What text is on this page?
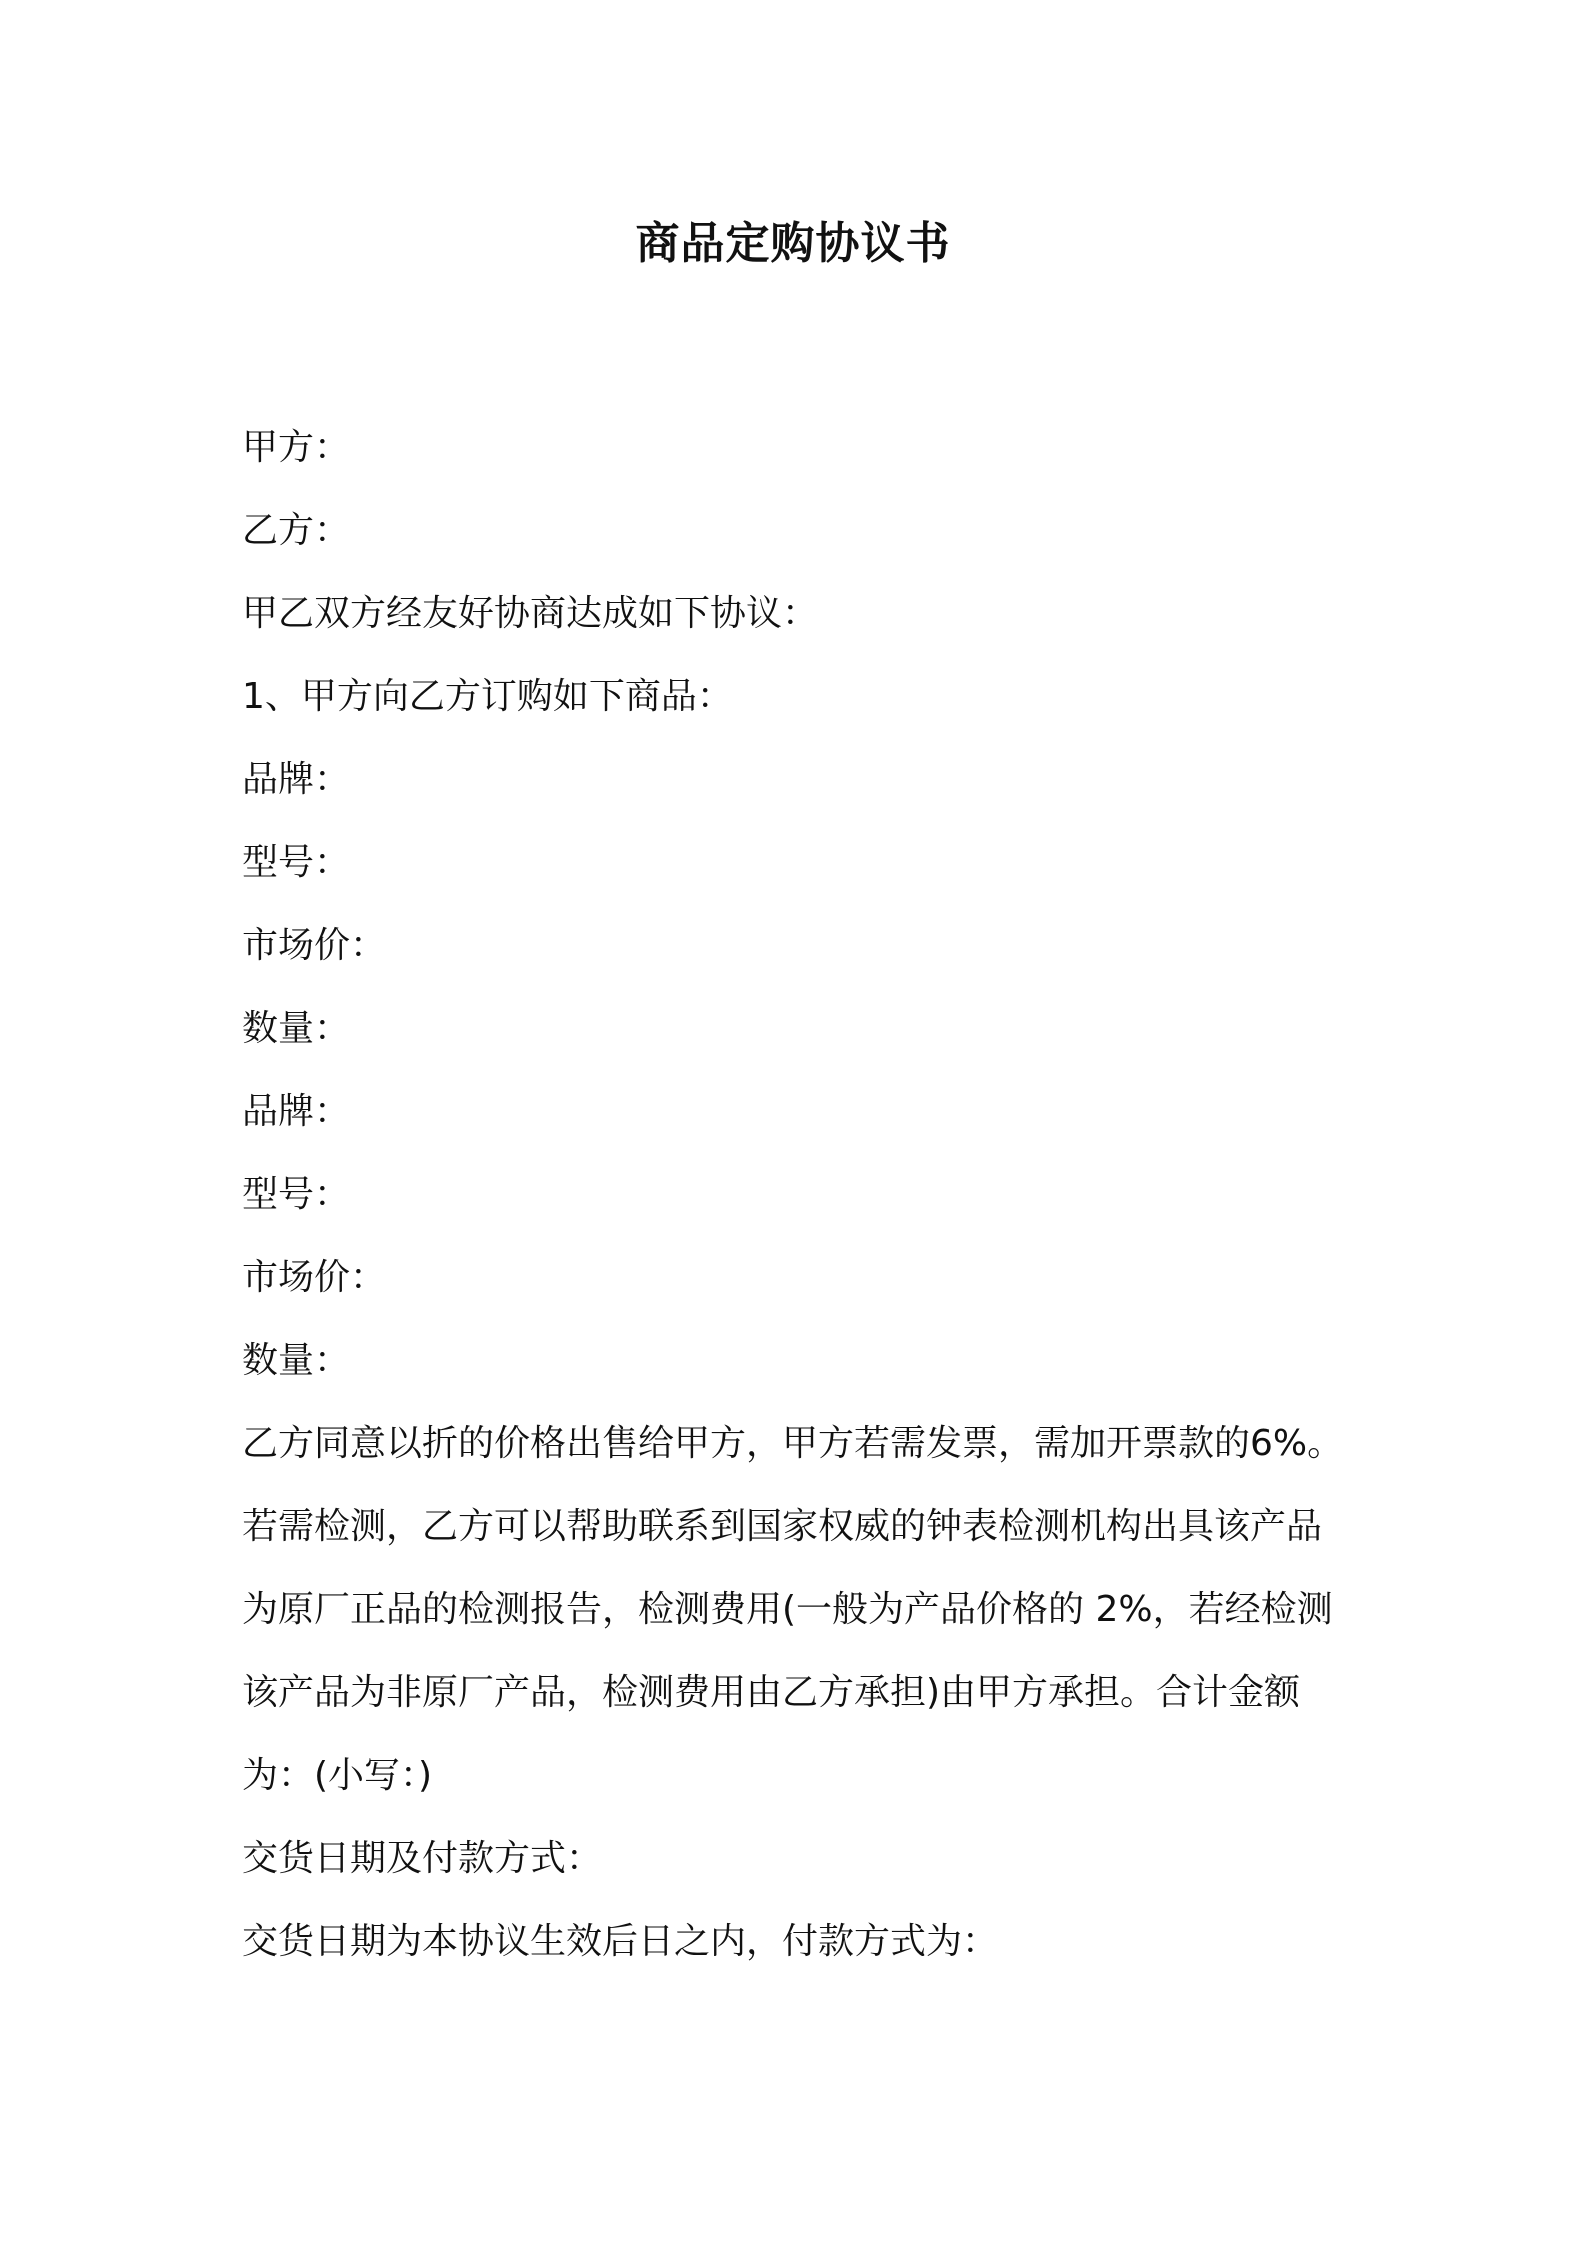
商品定购协议书
甲方：
乙方：
甲乙双方经友好协商达成如下协议：
1、甲方向乙方订购如下商品：
品牌：
型号：
市场价：
数量：
品牌：
型号：
市场价：
数量：
乙方同意以折的价格出售给甲方，甲方若需发票，需加开票款的6%。
若需检测，乙方可以帮助联系到国家权威的钟表检测机构出具该产品
为原厂正品的检测报告，检测费用(一般为产品价格的 2%，若经检测
该产品为非原厂产品，检测费用由乙方承担)由甲方承担。合计金额
为：(小写：)
交货日期及付款方式：
交货日期为本协议生效后日之内，付款方式为：
